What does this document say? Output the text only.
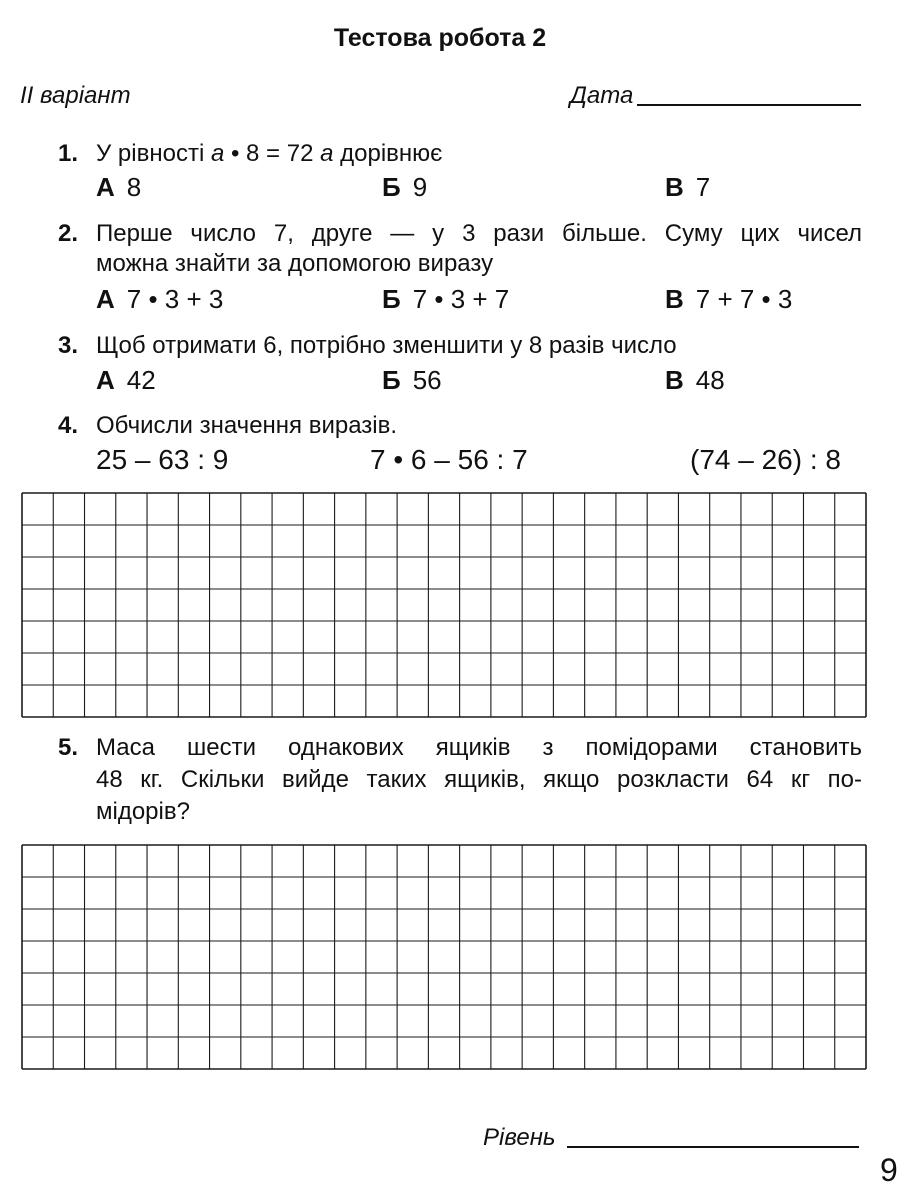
Тестова робота 2
II варіант	Дата
1. У рівності a • 8 = 72 a дорівнює
А 8	Б 9	В 7
2. Перше число 7, друге — у 3 рази більше. Суму цих чисел
можна знайти за допомогою виразу
А 7 • 3 + 3	Б 7 • 3 + 7	В 7 + 7 • 3
3. Щоб отримати 6, потрібно зменшити у 8 разів число
А 42	Б 56	В 48
4. Обчисли значення виразів.
25 – 63 : 9	7 • 6 – 56 : 7	(74 – 26) : 8
5. Маса шести однакових ящиків з помідорами становить
48 кг. Скільки вийде таких ящиків, якщо розкласти 64 кг по-
мідорів?
Рівень
9
